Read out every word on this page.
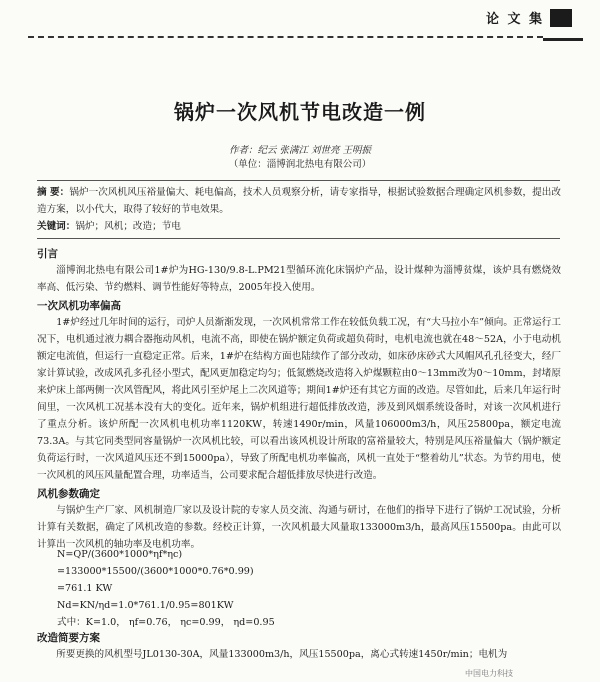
论 文 集
锅炉一次风机节电改造一例
作者：纪云 张满江 刘世亮 王明振
（单位：淄博润北热电有限公司）
摘 要：锅炉一次风机风压裕量偏大、耗电偏高，技术人员观察分析，请专家指导，根据试验数据合理确定风机参数，提出改造方案，以小代大，取得了较好的节电效果。
关键词：锅炉；风机；改造；节电
引言
淄博润北热电有限公司1#炉为HG-130/9.8-L.PM21型循环流化床锅炉产品，设计煤种为淄博贫煤，该炉具有燃烧效率高、低污染、节约燃料、调节性能好等特点，2005年投入使用。
一次风机功率偏高
1#炉经过几年时间的运行，司炉人员渐渐发现，一次风机常常工作在较低负载工况，有“大马拉小车”倾向。正常运行工况下，电机通过液力耦合器拖动风机，电流不高，即使在锅炉额定负荷或超负荷时，电机电流也就在48～52A，小于电动机额定电流值，但运行一直稳定正常。后来，1#炉在结构方面也陆续作了部分改动，如床砂床砂式大风帽风孔孔径变大，经厂家计算试验，改成风孔多孔径小型式，配风更加稳定均匀；低氮燃烧改造将入炉煤颗粒由0～13mm改为0～10mm，封堵原来炉床上部两侧一次风管配风，将此风引至炉尾上二次风道等；期间1#炉还有其它方面的改造。尽管如此，后来几年运行时间里，一次风机工况基本没有大的变化。近年来，锅炉机组进行超低排放改造，涉及到风烟系统设备时，对该一次风机进行了重点分析。该炉所配一次风机电机功率1120KW，转速1490r/min，风量106000m3/h，风压25800pa，额定电流73.3A。与其它同类型同容量锅炉一次风机比较，可以看出该风机设计所取的富裕量较大，特别是风压裕量偏大（锅炉额定负荷运行时，一次风道风压还不到15000pa），导致了所配电机功率偏高，风机一直处于“整着幼儿”状态。为节约用电，使一次风机的风压风量配置合理，功率适当，公司要求配合超低排放尽快进行改造。
风机参数确定
与锅炉生产厂家、风机制造厂家以及设计院的专家人员交流、沟通与研讨，在他们的指导下进行了锅炉工况试验，分析计算有关数据，确定了风机改造的参数。经校正计算，一次风机最大风量取133000m3/h，最高风压15500pa。由此可以计算出一次风机的轴功率及电机功率。
N=QP/(3600*1000*ηf*ηc)
=133000*15500/(3600*1000*0.76*0.99)
=761.1 KW
Nd=KN/ηd=1.0*761.1/0.95=801KW
式中：K=1.0， ηf=0.76， ηc=0.99， ηd=0.95
改造简要方案
所要更换的风机型号JL0130-30A，风量133000m3/h，风压15500pa，离心式转速1450r/min；电机为
中国电力科技
